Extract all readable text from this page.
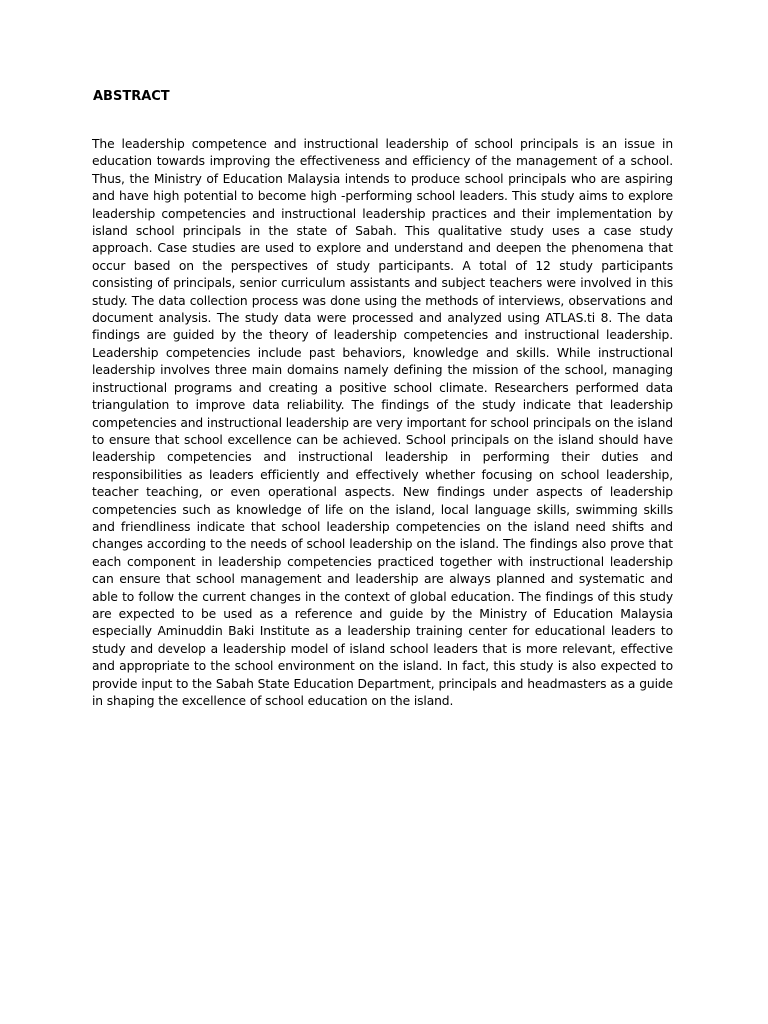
ABSTRACT

The leadership competence and instructional leadership of school principals is an issue in education towards improving the effectiveness and efficiency of the management of a school. Thus, the Ministry of Education Malaysia intends to produce school principals who are aspiring and have high potential to become high -performing school leaders. This study aims to explore leadership competencies and instructional leadership practices and their implementation by island school principals in the state of Sabah. This qualitative study uses a case study approach. Case studies are used to explore and understand and deepen the phenomena that occur based on the perspectives of study participants. A total of 12 study participants consisting of principals, senior curriculum assistants and subject teachers were involved in this study. The data collection process was done using the methods of interviews, observations and document analysis. The study data were processed and analyzed using ATLAS.ti 8. The data findings are guided by the theory of leadership competencies and instructional leadership. Leadership competencies include past behaviors, knowledge and skills. While instructional leadership involves three main domains namely defining the mission of the school, managing instructional programs and creating a positive school climate. Researchers performed data triangulation to improve data reliability. The findings of the study indicate that leadership competencies and instructional leadership are very important for school principals on the island to ensure that school excellence can be achieved. School principals on the island should have leadership competencies and instructional leadership in performing their duties and responsibilities as leaders efficiently and effectively whether focusing on school leadership, teacher teaching, or even operational aspects. New findings under aspects of leadership competencies such as knowledge of life on the island, local language skills, swimming skills and friendliness indicate that school leadership competencies on the island need shifts and changes according to the needs of school leadership on the island. The findings also prove that each component in leadership competencies practiced together with instructional leadership can ensure that school management and leadership are always planned and systematic and able to follow the current changes in the context of global education. The findings of this study are expected to be used as a reference and guide by the Ministry of Education Malaysia especially Aminuddin Baki Institute as a leadership training center for educational leaders to study and develop a leadership model of island school leaders that is more relevant, effective and appropriate to the school environment on the island. In fact, this study is also expected to provide input to the Sabah State Education Department, principals and headmasters as a guide in shaping the excellence of school education on the island.
